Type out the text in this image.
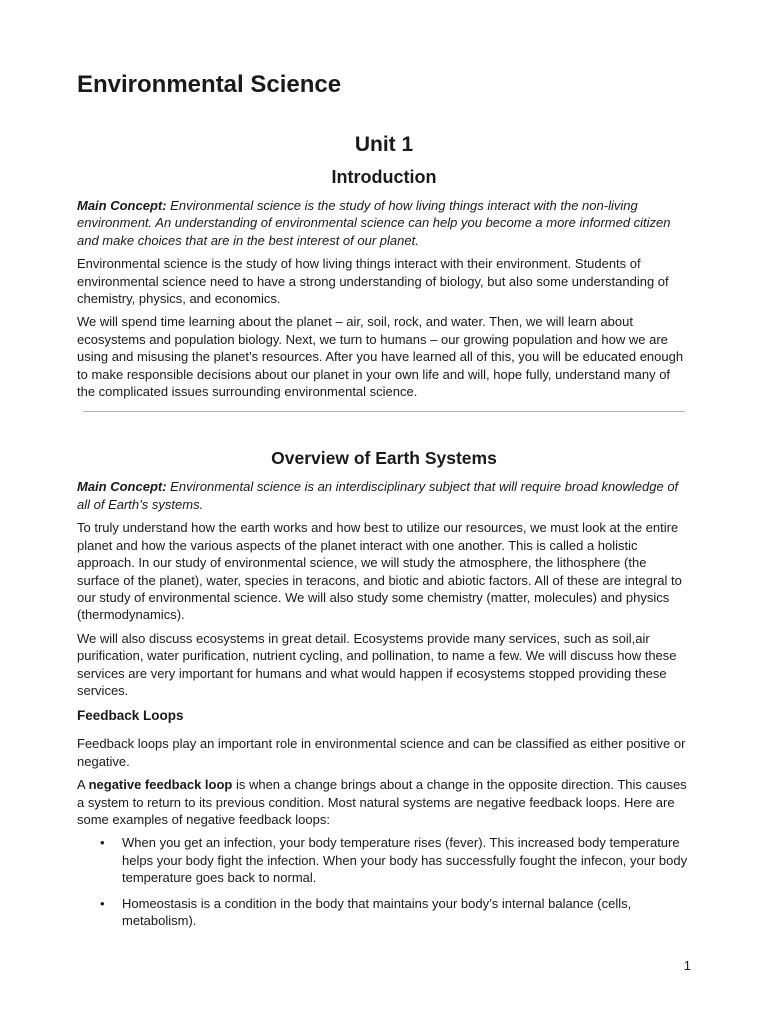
Environmental Science
Unit 1
Introduction

Main Concept: Environmental science is the study of how living things interact with the non-living environment. An understanding of environmental science can help you become a more informed citizen and make choices that are in the best interest of our planet.

Environmental science is the study of how living things interact with their environment. Students of environmental science need to have a strong understanding of biology, but also some understanding of chemistry, physics, and economics.

We will spend time learning about the planet – air, soil, rock, and water. Then, we will learn about ecosystems and population biology. Next, we turn to humans – our growing population and how we are using and misusing the planet’s resources. After you have learned all of this, you will be educated enough to make responsible decisions about our planet in your own life and will, hope fully, understand many of the complicated issues surrounding environmental science.

Overview of Earth Systems

Main Concept: Environmental science is an interdisciplinary subject that will require broad knowledge of all of Earth’s systems.

To truly understand how the earth works and how best to utilize our resources, we must look at the entire planet and how the various aspects of the planet interact with one another. This is called a holistic approach. In our study of environmental science, we will study the atmosphere, the lithosphere (the surface of the planet), water, species in teracons, and biotic and abiotic factors. All of these are integral to our study of environmental science. We will also study some chemistry (matter, molecules) and physics (thermodynamics).

We will also discuss ecosystems in great detail. Ecosystems provide many services, such as soil,air purification, water purification, nutrient cycling, and pollination, to name a few. We will discuss how these services are very important for humans and what would happen if ecosystems stopped providing these services.

Feedback Loops

Feedback loops play an important role in environmental science and can be classified as either positive or negative.

A negative feedback loop is when a change brings about a change in the opposite direction. This causes a system to return to its previous condition. Most natural systems are negative feedback loops. Here are some examples of negative feedback loops:

• When you get an infection, your body temperature rises (fever). This increased body temperature helps your body fight the infection. When your body has successfully fought the infecon, your body temperature goes back to normal.
• Homeostasis is a condition in the body that maintains your body’s internal balance (cells, metabolism).
1
